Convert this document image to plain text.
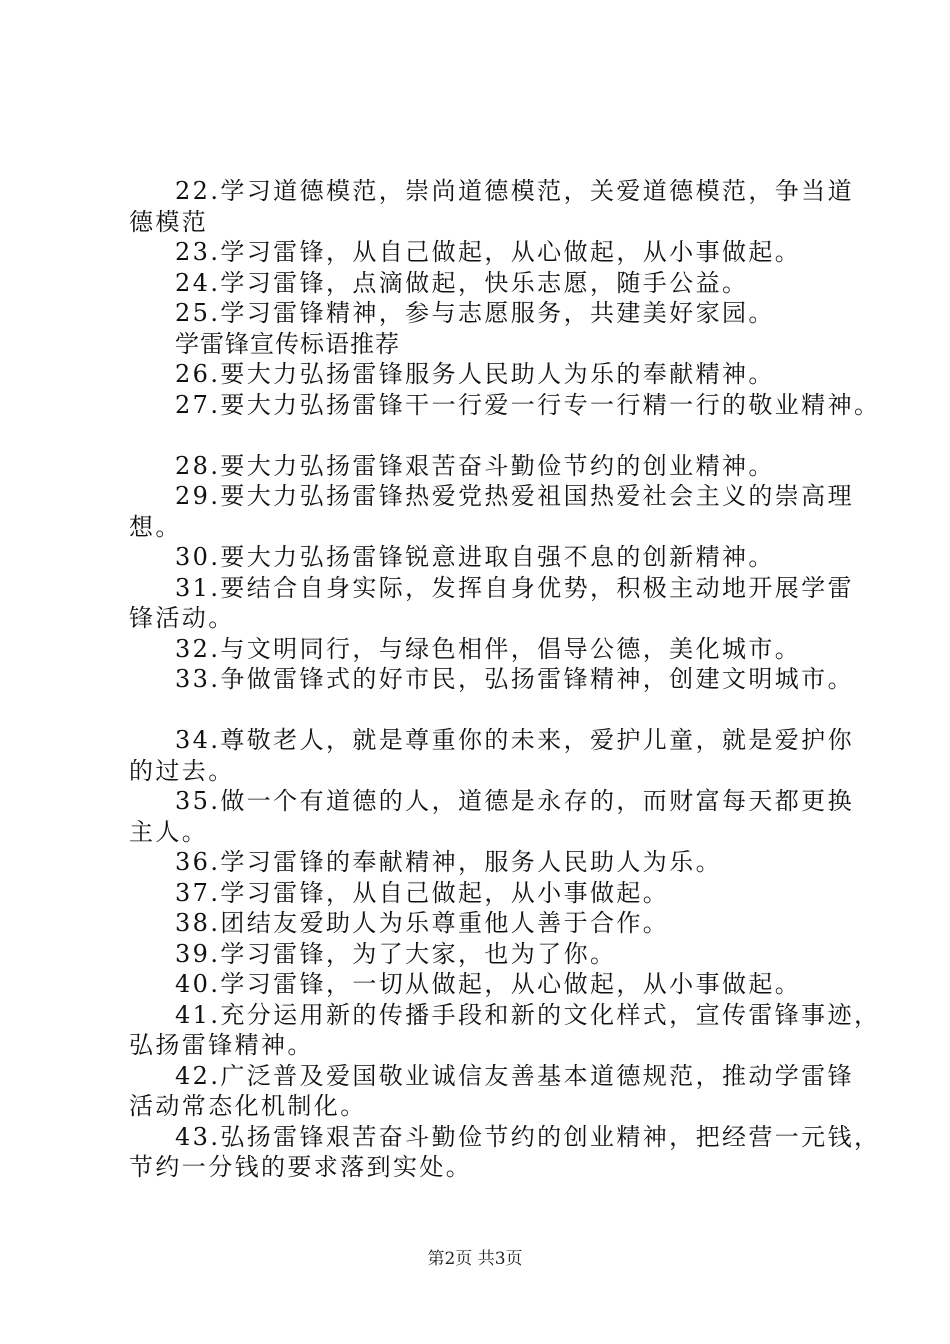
22.学习道德模范，崇尚道德模范，关爱道德模范，争当道
德模范
23.学习雷锋，从自己做起，从心做起，从小事做起。
24.学习雷锋，点滴做起，快乐志愿，随手公益。
25.学习雷锋精神，参与志愿服务，共建美好家园。
学雷锋宣传标语推荐
26.要大力弘扬雷锋服务人民助人为乐的奉献精神。
27.要大力弘扬雷锋干一行爱一行专一行精一行的敬业精神。
28.要大力弘扬雷锋艰苦奋斗勤俭节约的创业精神。
29.要大力弘扬雷锋热爱党热爱祖国热爱社会主义的崇高理
想。
30.要大力弘扬雷锋锐意进取自强不息的创新精神。
31.要结合自身实际，发挥自身优势，积极主动地开展学雷
锋活动。
32.与文明同行，与绿色相伴，倡导公德，美化城市。
33.争做雷锋式的好市民，弘扬雷锋精神，创建文明城市。
34.尊敬老人，就是尊重你的未来，爱护儿童，就是爱护你
的过去。
35.做一个有道德的人，道德是永存的，而财富每天都更换
主人。
36.学习雷锋的奉献精神，服务人民助人为乐。
37.学习雷锋，从自己做起，从小事做起。
38.团结友爱助人为乐尊重他人善于合作。
39.学习雷锋，为了大家，也为了你。
40.学习雷锋，一切从做起，从心做起，从小事做起。
41.充分运用新的传播手段和新的文化样式，宣传雷锋事迹，
弘扬雷锋精神。
42.广泛普及爱国敬业诚信友善基本道德规范，推动学雷锋
活动常态化机制化。
43.弘扬雷锋艰苦奋斗勤俭节约的创业精神，把经营一元钱，
节约一分钱的要求落到实处。
第2页 共3页
